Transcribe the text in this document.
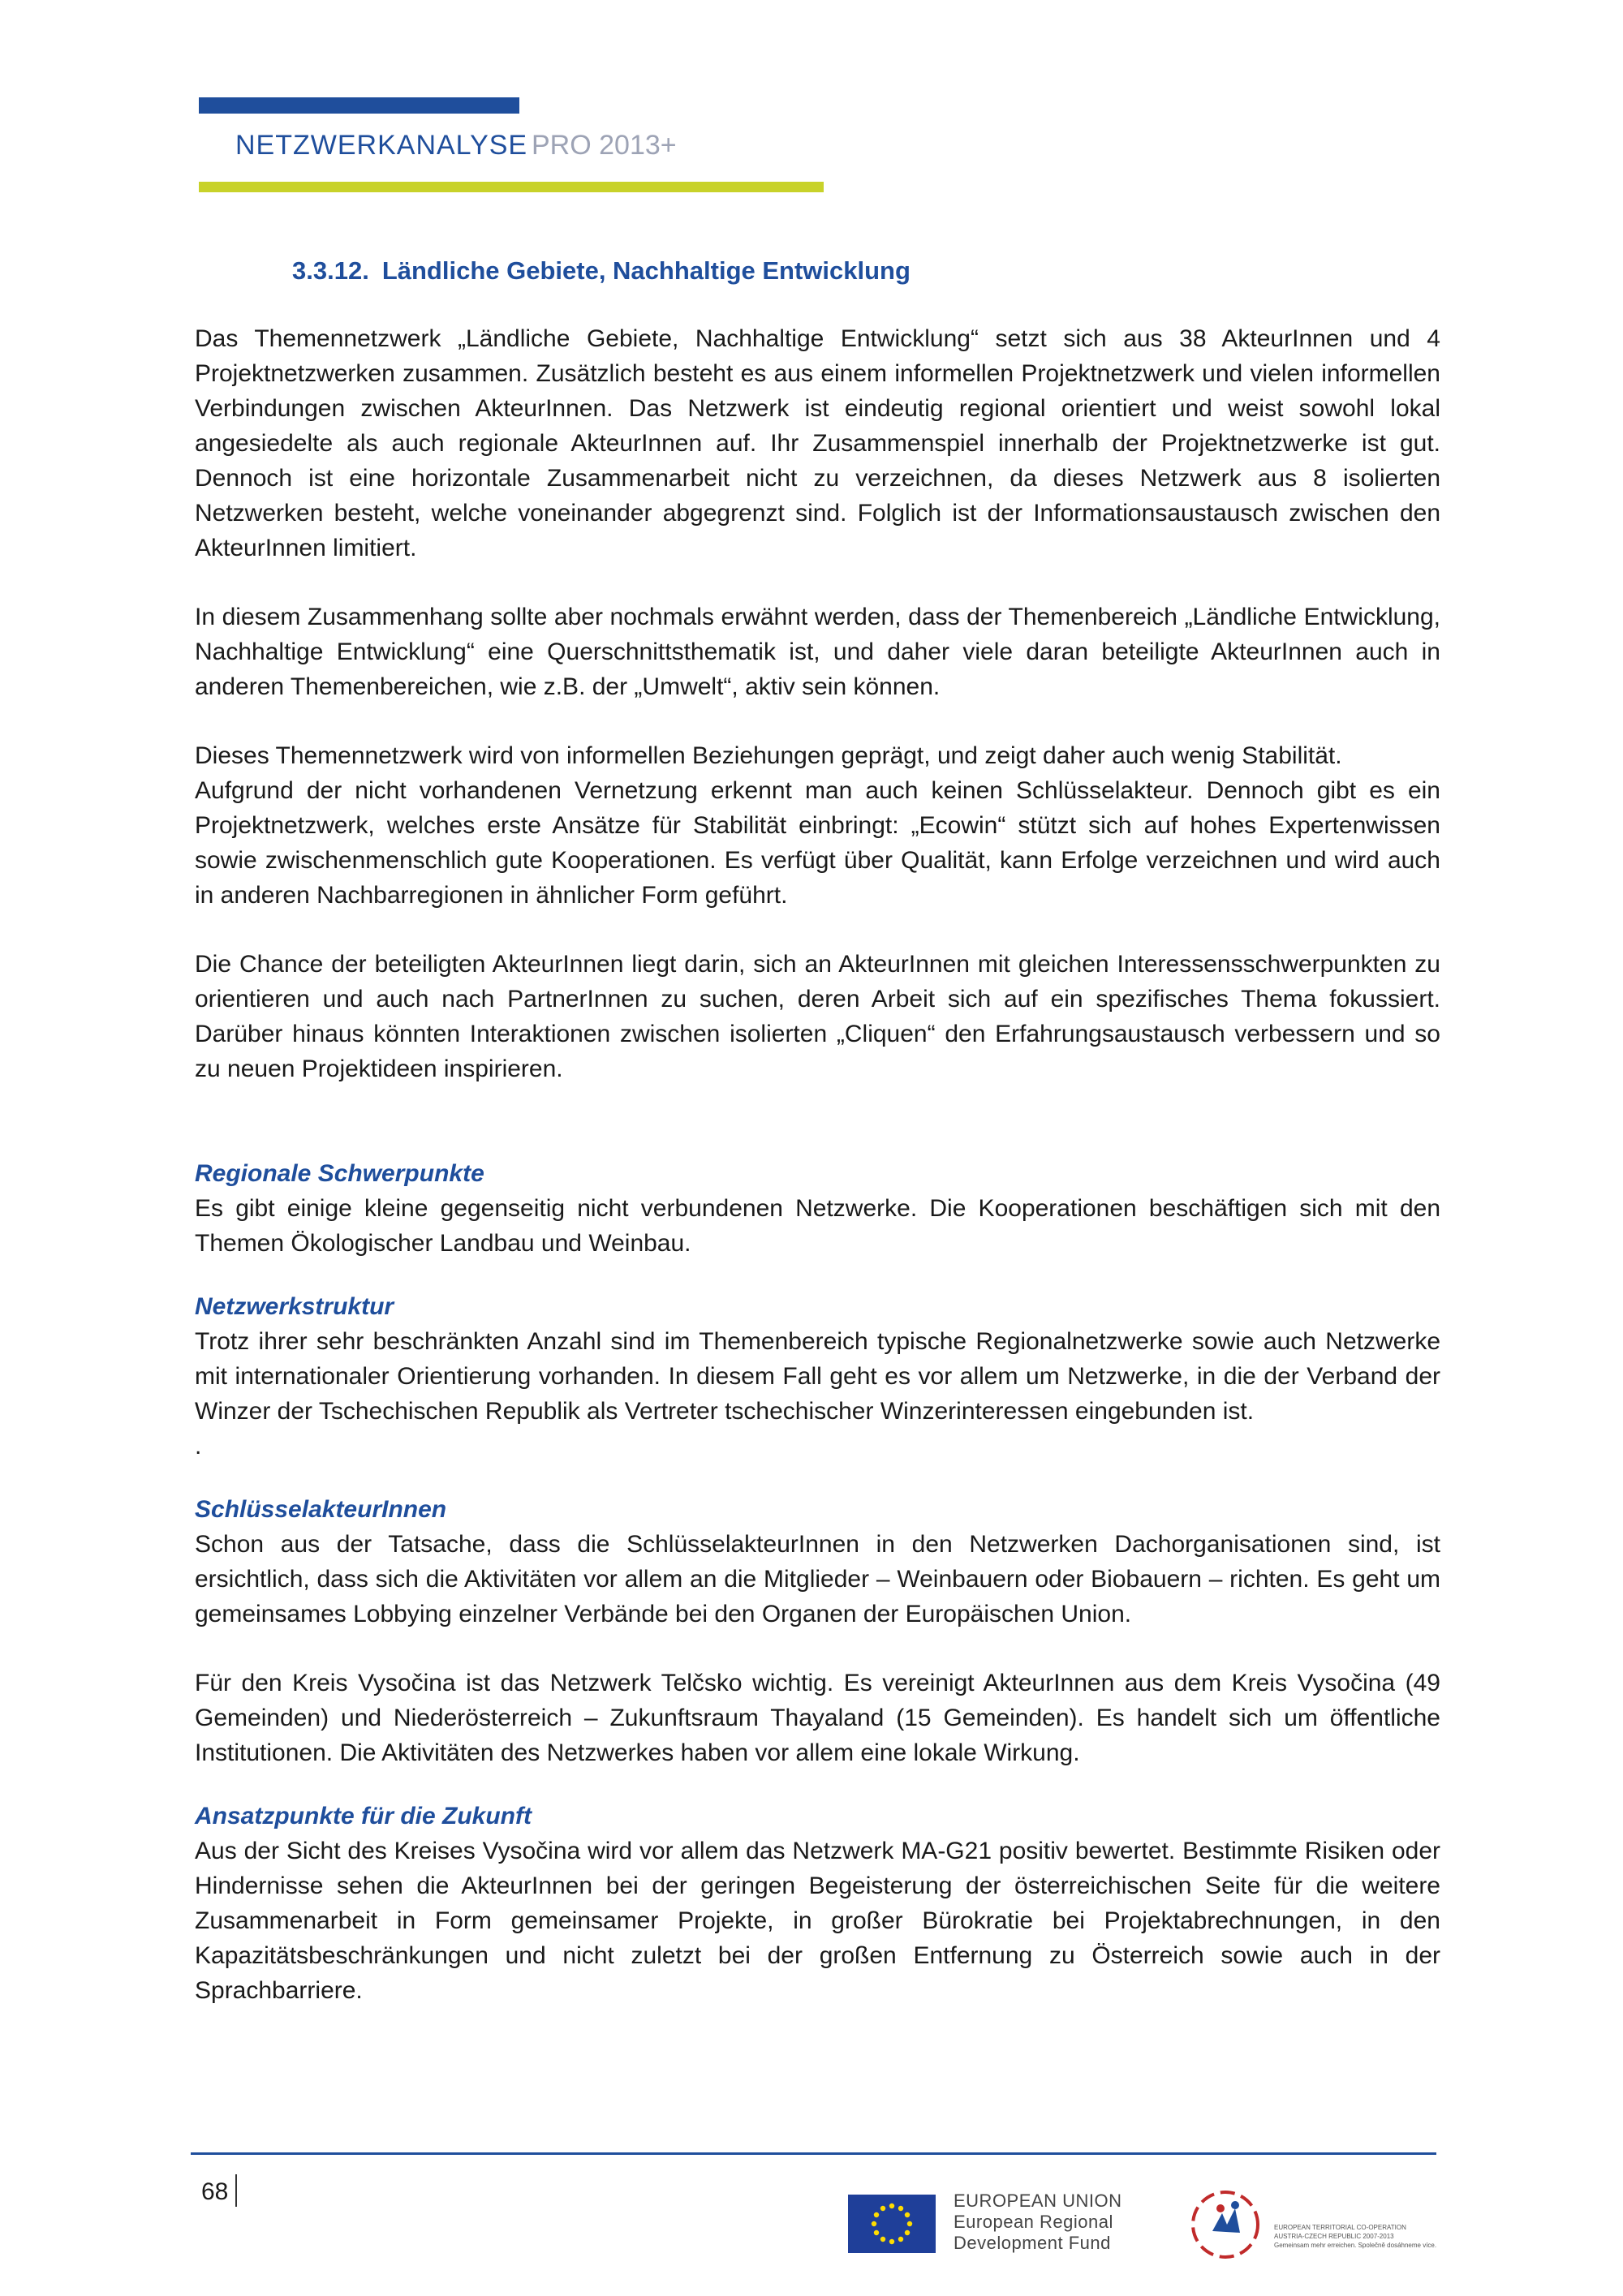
NETZWERKANALYSE PRO 2013+
3.3.12. Ländliche Gebiete, Nachhaltige Entwicklung

Das Themennetzwerk „Ländliche Gebiete, Nachhaltige Entwicklung“ setzt sich aus 38 AkteurInnen und 4 Projektnetzwerken zusammen. Zusätzlich besteht es aus einem informellen Projektnetzwerk und vielen informellen Verbindungen zwischen AkteurInnen. Das Netzwerk ist eindeutig regional orientiert und weist sowohl lokal angesiedelte als auch regionale AkteurInnen auf. Ihr Zusammenspiel innerhalb der Projektnetzwerke ist gut. Dennoch ist eine horizontale Zusammenarbeit nicht zu verzeichnen, da dieses Netzwerk aus 8 isolierten Netzwerken besteht, welche voneinander abgegrenzt sind. Folglich ist der Informationsaustausch zwischen den AkteurInnen limitiert.

In diesem Zusammenhang sollte aber nochmals erwähnt werden, dass der Themenbereich „Ländliche Entwicklung, Nachhaltige Entwicklung“ eine Querschnittsthematik ist, und daher viele daran beteiligte AkteurInnen auch in anderen Themenbereichen, wie z.B. der „Umwelt“, aktiv sein können.

Dieses Themennetzwerk wird von informellen Beziehungen geprägt, und zeigt daher auch wenig Stabilität.

Aufgrund der nicht vorhandenen Vernetzung erkennt man auch keinen Schlüsselakteur. Dennoch gibt es ein Projektnetzwerk, welches erste Ansätze für Stabilität einbringt: „Ecowin“ stützt sich auf hohes Expertenwissen sowie zwischenmenschlich gute Kooperationen. Es verfügt über Qualität, kann Erfolge verzeichnen und wird auch in anderen Nachbarregionen in ähnlicher Form geführt.

Die Chance der beteiligten AkteurInnen liegt darin, sich an AkteurInnen mit gleichen Interessensschwerpunkten zu orientieren und auch nach PartnerInnen zu suchen, deren Arbeit sich auf ein spezifisches Thema fokussiert. Darüber hinaus könnten Interaktionen zwischen isolierten „Cliquen“ den Erfahrungsaustausch verbessern und so zu neuen Projektideen inspirieren.

Regionale Schwerpunkte

Es gibt einige kleine gegenseitig nicht verbundenen Netzwerke. Die Kooperationen beschäftigen sich mit den Themen Ökologischer Landbau und Weinbau.

Netzwerkstruktur

Trotz ihrer sehr beschränkten Anzahl sind im Themenbereich typische Regionalnetzwerke sowie auch Netzwerke mit internationaler Orientierung vorhanden. In diesem Fall geht es vor allem um Netzwerke, in die der Verband der Winzer der Tschechischen Republik als Vertreter tschechischer Winzerinteressen eingebunden ist.

.
SchlüsselakteurInnen

Schon aus der Tatsache, dass die SchlüsselakteurInnen in den Netzwerken Dachorganisationen sind, ist ersichtlich, dass sich die Aktivitäten vor allem an die Mitglieder – Weinbauern oder Biobauern – richten. Es geht um gemeinsames Lobbying einzelner Verbände bei den Organen der Europäischen Union.

Für den Kreis Vysočina ist das Netzwerk Telčsko wichtig. Es vereinigt AkteurInnen aus dem Kreis Vysočina (49 Gemeinden) und Niederösterreich – Zukunftsraum Thayaland (15 Gemeinden). Es handelt sich um öffentliche Institutionen. Die Aktivitäten des Netzwerkes haben vor allem eine lokale Wirkung.

Ansatzpunkte für die Zukunft

Aus der Sicht des Kreises Vysočina wird vor allem das Netzwerk MA-G21 positiv bewertet. Bestimmte Risiken oder Hindernisse sehen die AkteurInnen bei der geringen Begeisterung der österreichischen Seite für die weitere Zusammenarbeit in Form gemeinsamer Projekte, in großer Bürokratie bei Projektabrechnungen, in den Kapazitätsbeschränkungen und nicht zuletzt bei der großen Entfernung zu Österreich sowie auch in der Sprachbarriere.

68	EUROPEAN UNION
European Regional
Development Fund
EUROPEAN TERRITORIAL CO-OPERATION
AUSTRIA-CZECH REPUBLIC 2007-2013
Gemeinsam mehr erreichen. Společně dosáhneme více.
